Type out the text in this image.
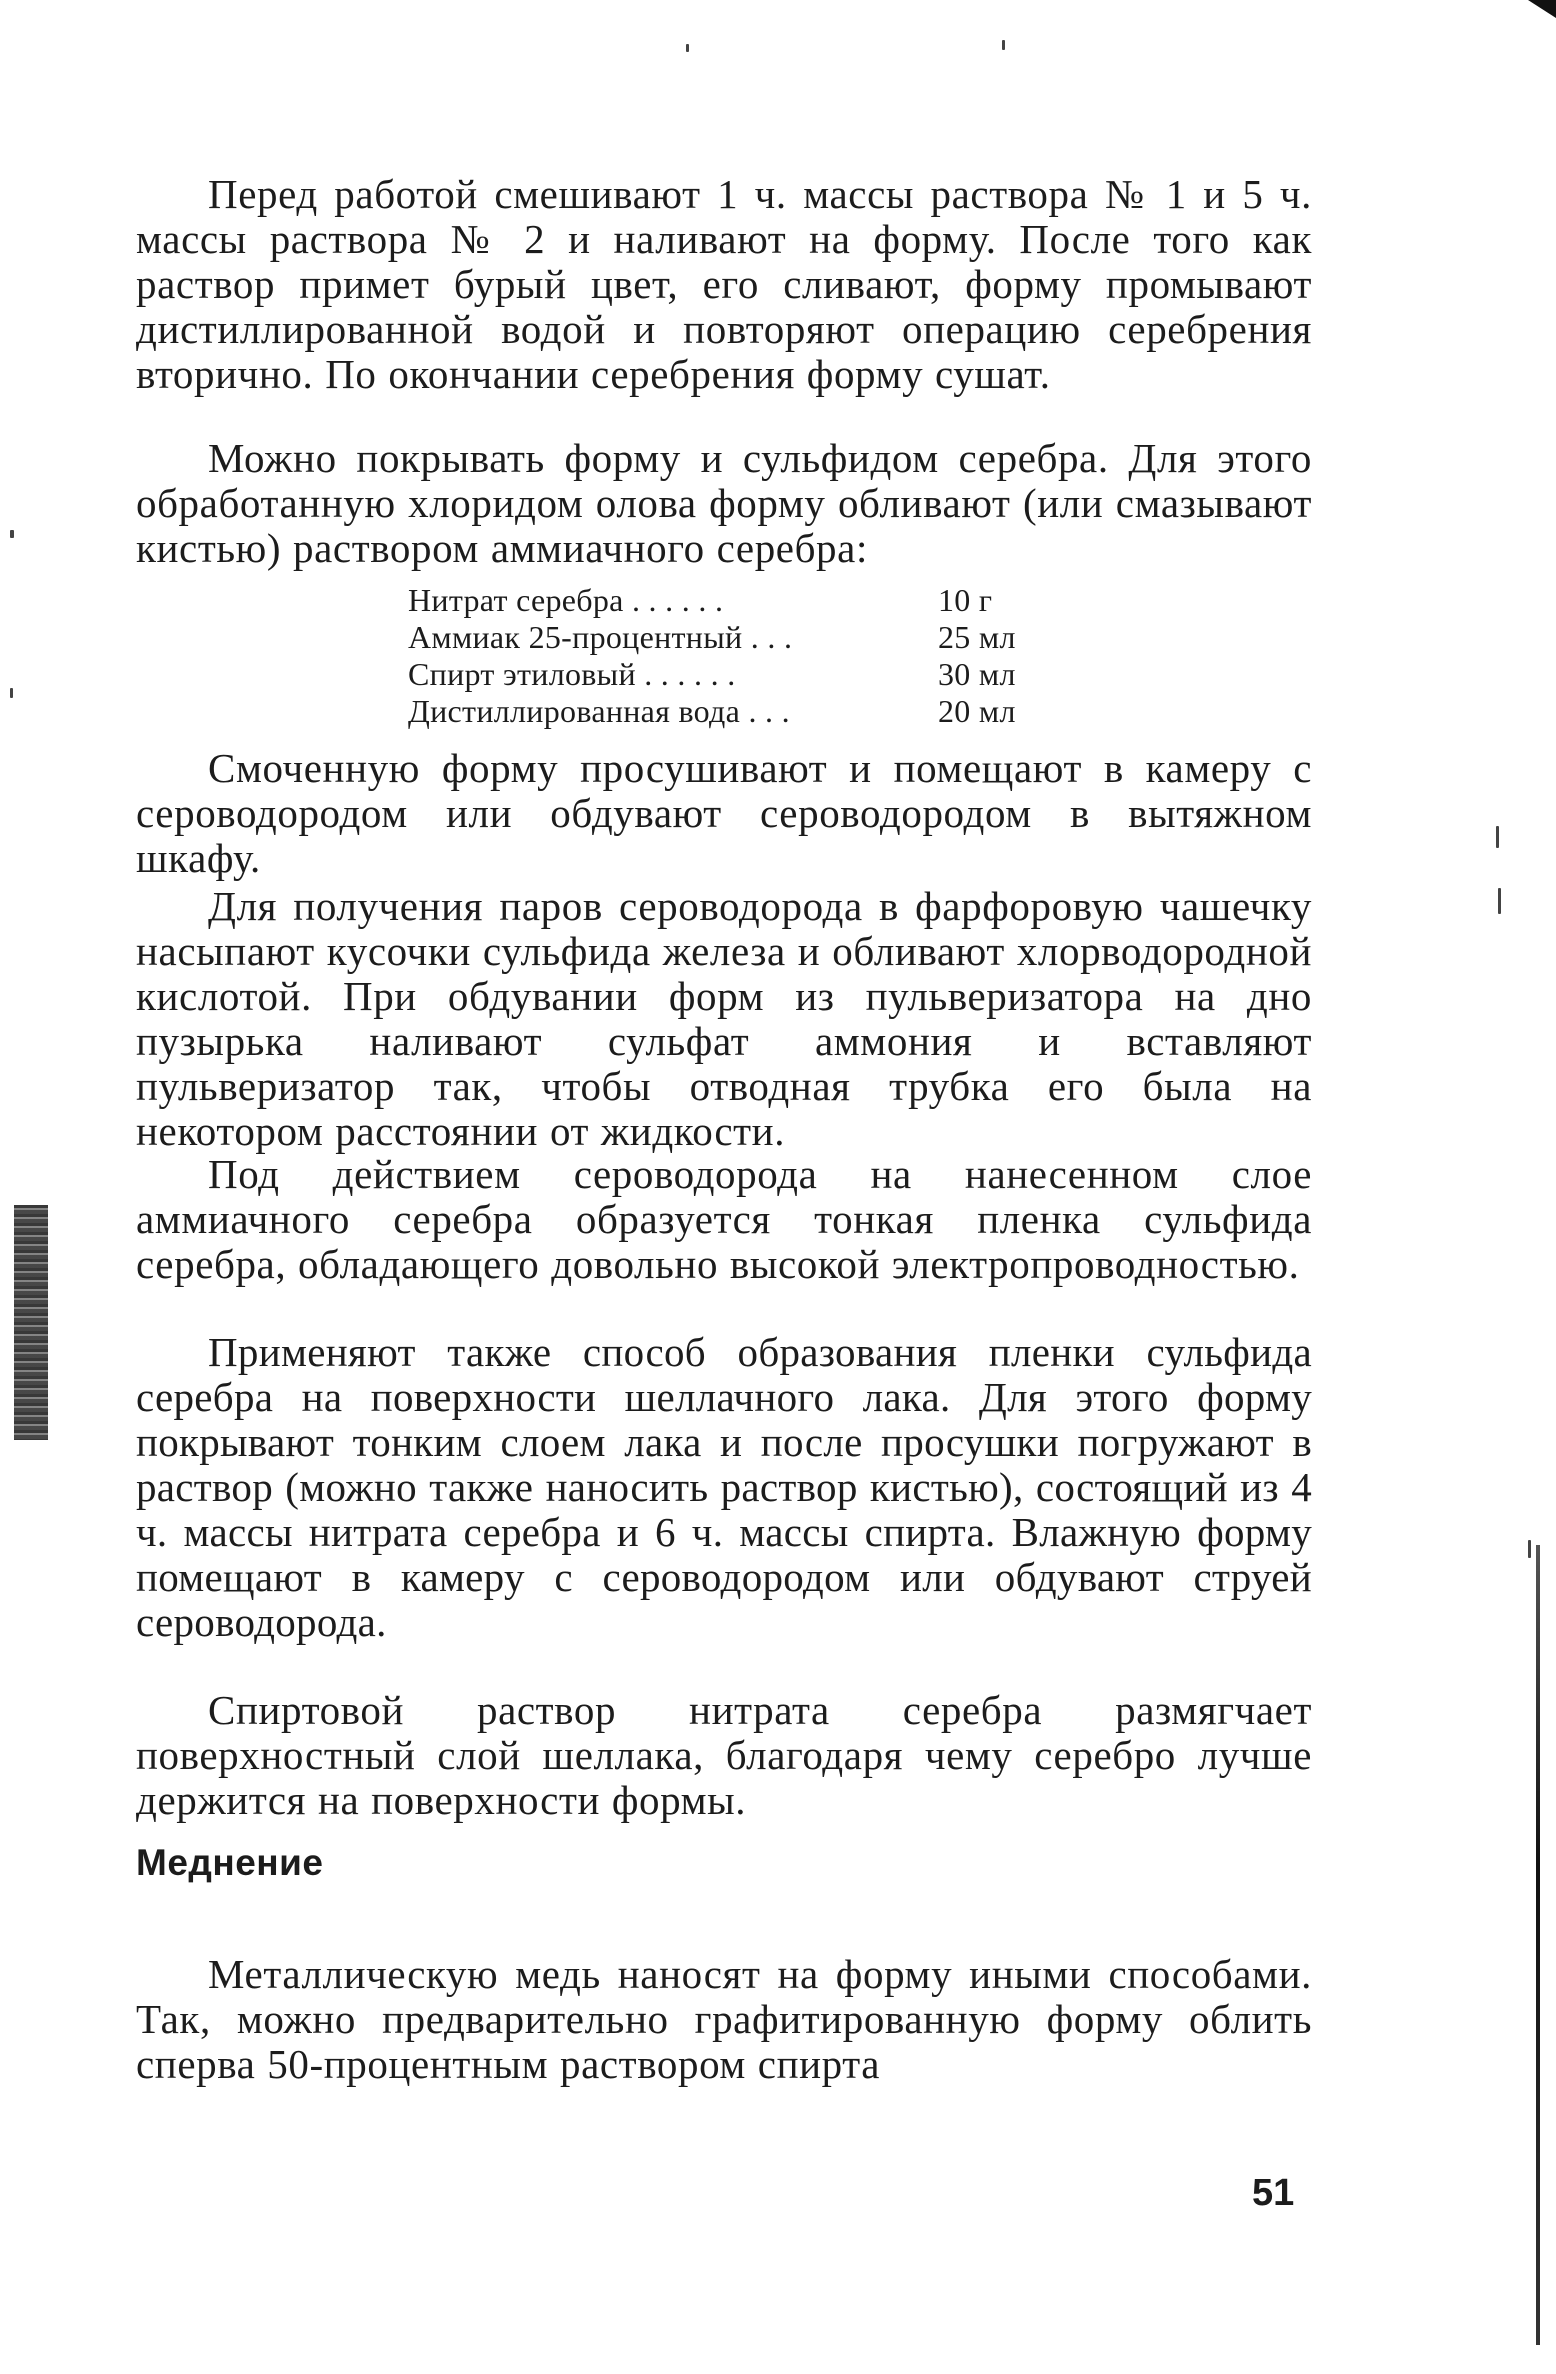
Перед работой смешивают 1 ч. массы раствора № 1 и 5 ч. массы раствора № 2 и наливают на форму. После того как раствор примет бурый цвет, его сливают, форму промывают дистиллированной водой и повторяют операцию серебрения вторично. По окончании серебрения форму сушат.

Можно покрывать форму и сульфидом серебра. Для этого обработанную хлоридом олова форму обливают (или смазывают кистью) раствором аммиачного серебра:

Нитрат серебра . . . . . .	10 г
Аммиак 25-процентный . . .	25 мл
Спирт этиловый . . . . . .	30 мл
Дистиллированная вода . . .	20 мл

Смоченную форму просушивают и помещают в камеру с сероводородом или обдувают сероводородом в вытяжном шкафу.

Для получения паров сероводорода в фарфоровую чашечку насыпают кусочки сульфида железа и обливают хлорводородной кислотой. При обдувании форм из пульверизатора на дно пузырька наливают сульфат аммония и вставляют пульверизатор так, чтобы отводная трубка его была на некотором расстоянии от жидкости.

Под действием сероводорода на нанесенном слое аммиачного серебра образуется тонкая пленка сульфида серебра, обладающего довольно высокой электропроводностью.

Применяют также способ образования пленки сульфида серебра на поверхности шеллачного лака. Для этого форму покрывают тонким слоем лака и после просушки погружают в раствор (можно также наносить раствор кистью), состоящий из 4 ч. массы нитрата серебра и 6 ч. массы спирта. Влажную форму помещают в камеру с сероводородом или обдувают струей сероводорода.

Спиртовой раствор нитрата серебра размягчает поверхностный слой шеллака, благодаря чему серебро лучше держится на поверхности формы.

Меднение

Металлическую медь наносят на форму иными способами. Так, можно предварительно графитированную форму облить сперва 50-процентным раствором спирта

51
